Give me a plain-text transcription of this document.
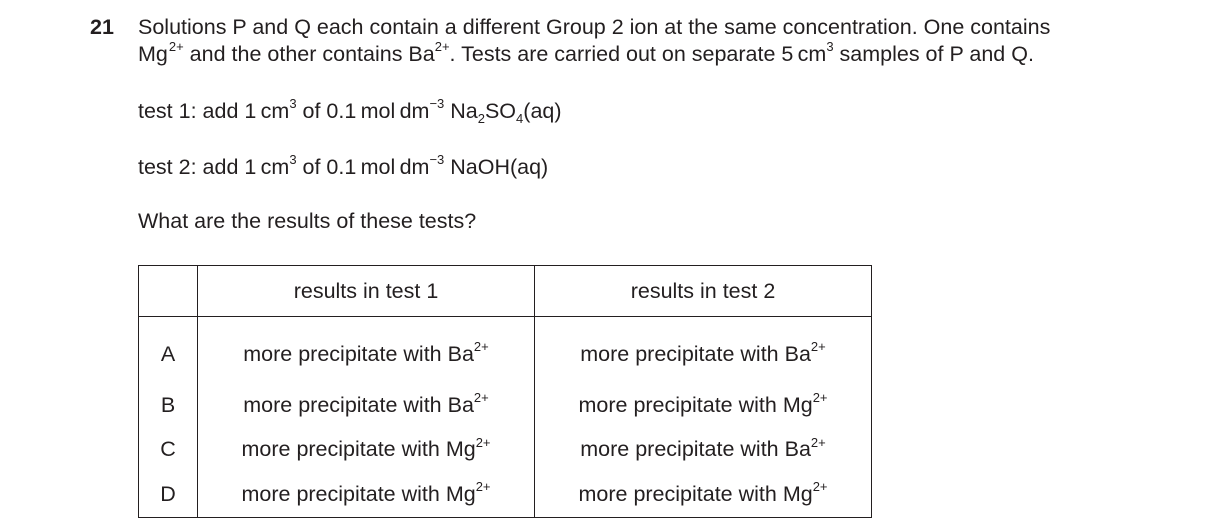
21 Solutions P and Q each contain a different Group 2 ion at the same concentration. One contains

$Mg^{2+}$ and the other contains $Ba^{2+}$. Tests are carried out on separate 5 $cm^3$ samples of P and Q.

test 1: add 1 $cm^3$ of 0.1 mol $dm^{-3}$ $Na_2SO_4(aq)$
test 2: add 1 $cm^3$ of 0.1 mol $dm^{-3}$ NaOH(aq)
What are the results of these tests?
	results in test 1	results in test 2
A	more precipitate with $Ba^{2+}$	more precipitate with $Ba^{2+}$
B	more precipitate with $Ba^{2+}$	more precipitate with $Mg^{2+}$
C	more precipitate with $Mg^{2+}$	more precipitate with $Ba^{2+}$
D	more precipitate with $Mg^{2+}$	more precipitate with $Mg^{2+}$
